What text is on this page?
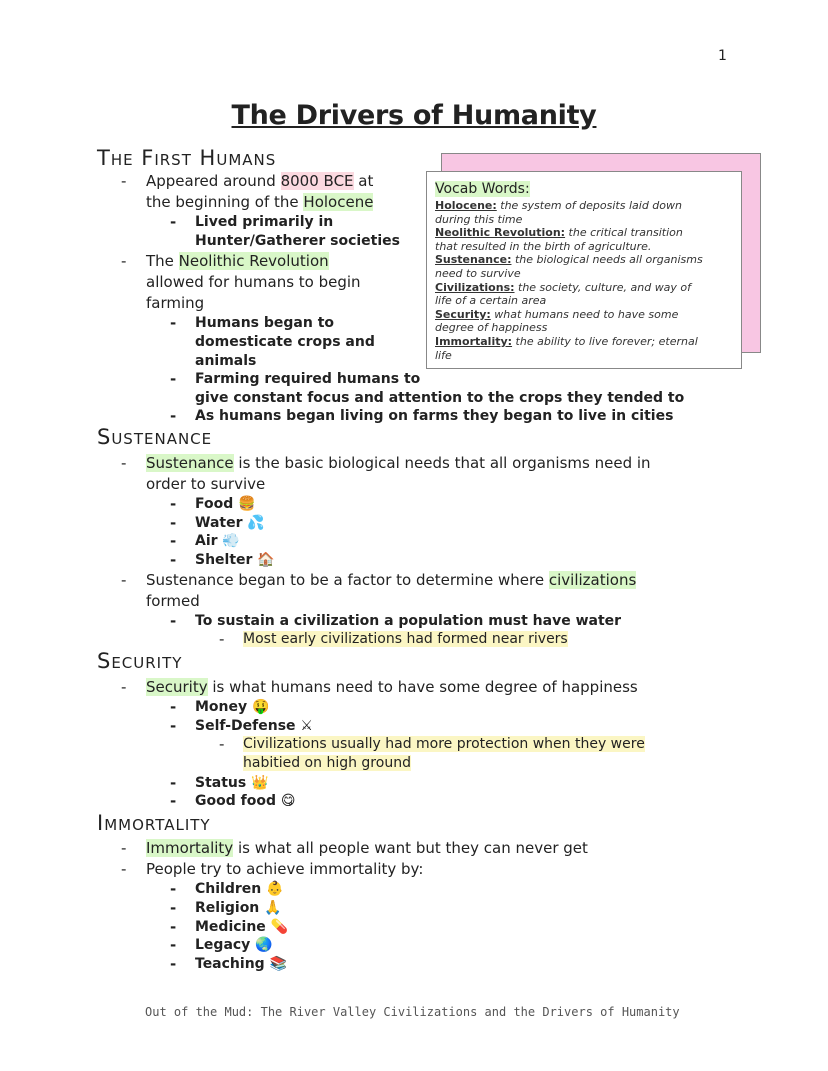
1
The Drivers of Humanity
Vocab Words:
Holocene: the system of deposits laid down
during this time
Neolithic Revolution: the critical transition
that resulted in the birth of agriculture.
Sustenance: the biological needs all organisms
need to survive
Civilizations: the society, culture, and way of
life of a certain area
Security: what humans need to have some
degree of happiness
Immortality: the ability to live forever; eternal
life
The First Humans
- Appeared around 8000 BCE at
the beginning of the Holocene
- Lived primarily in
Hunter/Gatherer societies
- The Neolithic Revolution
allowed for humans to begin
farming
- Humans began to
domesticate crops and
animals
- Farming required humans to
give constant focus and attention to the crops they tended to
- As humans began living on farms they began to live in cities
Sustenance
- Sustenance is the basic biological needs that all organisms need in
order to survive
- Food 🍔
- Water 💦
- Air 💨
- Shelter 🏠
- Sustenance began to be a factor to determine where civilizations
formed
- To sustain a civilization a population must have water
- Most early civilizations had formed near rivers
Security
- Security is what humans need to have some degree of happiness
- Money 🤑
- Self-Defense ⚔
- Civilizations usually had more protection when they were
habitied on high ground
- Status 👑
- Good food 😋
Immortality
- Immortality is what all people want but they can never get
- People try to achieve immortality by:
- Children 👶
- Religion 🙏
- Medicine 💊
- Legacy 🌏
- Teaching 📚
Out of the Mud: The River Valley Civilizations and the Drivers of Humanity
